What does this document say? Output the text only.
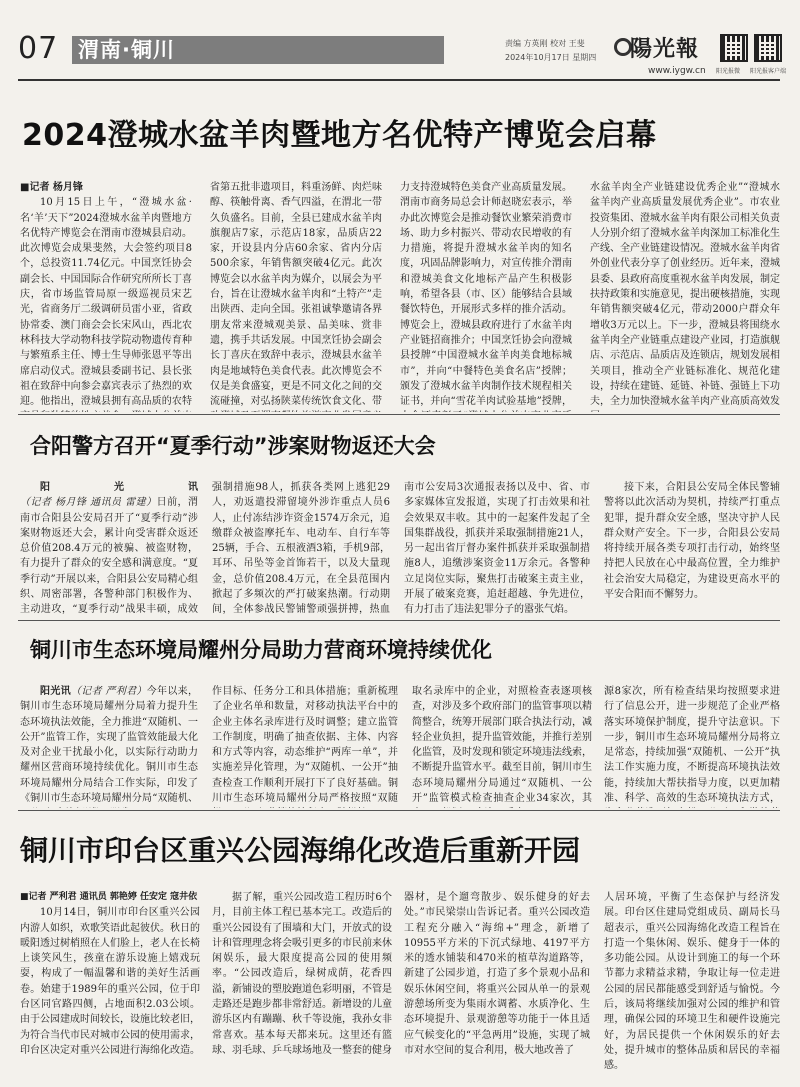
07 渭南·铜川	责编 方英刚 校对 王斐
2024年10月17日 星期四 陽光報
www.iygw.cn 阳光报微 阳光报客户端
2024澄城水盆羊肉暨地方名优特产博览会启幕

■记者 杨月锋

10月15日上午，“澄城水盆·名‘羊’天下”2024澄城水盆羊肉暨地方名优特产博览会在渭南市澄城县启动。此次博览会成果斐然，大会签约项目8个，总投资11.74亿元。中国烹饪协会副会长、中国国际合作研究所所长丁喜庆，省市场监管局原一级巡视员宋艺光，省商务厅二级调研员雷小亚，省政协常委、澳门商会会长宋风山，西北农林科技大学动物科技学院动物遗传育种与繁殖系主任、博士生导师张恩平等出席启动仪式。澄城县委副书记、县长张祖在致辞中向参会嘉宾表示了热烈的欢迎。他指出，澄城县拥有高品质的农特

省第五批非遗项目，料重汤鲜、肉烂味醇、筷触骨离、香气四溢，在渭北一带久负盛名。目前，全县已建成水盆羊肉旗舰店7家，示范店18家，品质店22家，开设县内分店60余家、省内分店500余家，年销售额突破4亿元。此次博览会以水盆羊肉为媒介，以展会为平台，旨在让澄城水盆羊肉和“土特产”走出陕西、走向全国。张祖诚挚邀请各界朋友常来澄城观美景、品美味、赏非遗，携手共话发展。中国烹饪协会副会长丁喜庆在致辞中表示，澄城县水盆羊肉是地域特色美食代表。此次博览会不仅是美食盛宴，更是不同文化之间的交流碰撞，对弘扬陕菜传统饮食文化、带

力支持澄城特色美食产业高质量发展。渭南市商务局总会计师赵晓宏表示，举办此次博览会是推动餐饮业繁荣消费市场、助力乡村振兴、带动农民增收的有力措施，将提升澄城水盆羊肉的知名度，巩固品牌影响力，对宣传推介渭南和澄城美食文化地标产品产生积极影响，希望各县（市、区）能够结合县域餐饮特色，开展形式多样的推介活动。博览会上，澄城县政府进行了水盆羊肉产业链招商推介；中国烹饪协会向澄城县授牌“中国澄城水盆羊肉美食地标城市”，并向“中餐特色美食名店”授牌；颁发了澄城水盆羊肉制作技术规程相关证书，并向“雪花羊肉试验基地”授牌，

水盆羊肉全产业链建设优秀企业”“澄城水盆羊肉产业高质量发展优秀企业”。市农业投资集团、澄城水盆羊肉有限公司相关负责人分别介绍了澄城水盆羊肉深加工标准化生产线、全产业链建设情况。澄城水盆羊肉省外创业代表分享了创业经历。近年来，澄城县委、县政府高度重视水盆羊肉发展，制定扶持政策和实施意见，提出硬核措施，实现年销售额突破4亿元，带动2000户群众年增收3万元以上。下一步，澄城县将围绕水盆羊肉全产业链重点建设产业园，打造旗舰店、示范店、品质店及连锁店，规划发展相关项目，推动全产业链标准化、规范化建设，持续在建链、延链、补链、强链上下功夫，全力加快澄城水盆羊肉产业高质高效发

合阳警方召开“夏季行动”涉案财物返还大会

阳光讯（记者 杨月锋 通讯员 雷建）日前，渭南市合阳县公安局召开了“夏季行动”涉案财物返还大会，累计向受害群众返还总价值208.4万元的被骗、被盗财物，有力提升了群众的安全感和满意度。“夏季行动”开展以来，合阳县公安局精心组织、周密部署，各警种部门积极作为、主动进攻，“夏季行动”战果丰硕，成效

强制措施98人，抓获各类网上逃犯29人，劝返遣投滞留境外涉诈重点人员6人，止付冻结涉诈资金1574万余元，追缴群众被盗摩托车、电动车、自行车等25辆，手合、五根液酒3箱，手机9部，耳环、吊坠等金首饰若干，以及大量现金，总价值208.4万元，在全县范围内掀起了多频次的严打破案热潮。行动期间，全体参战民警铺警顽强拼搏，热血

南市公安局3次通报表扬以及中、省、市多家媒体宣发报道，实现了打击效果和社会效果双丰收。其中的一起案件发起了全国集群战役，抓获并采取强制措施21人，另一起出省厅督办案件抓获并采取强制措施8人，追缴涉案资金11万余元。各警种立足岗位实际，聚焦打击破案主责主业，开展了破案竞赛，追赶超越、争先进位，有力打击了违法犯罪分子的嚣张气焰。

接下来，合阳县公安局全体民警辅警将以此次活动为契机，持续严打重点犯罪，提升群众安全感，坚决守护人民群众财产安全。下一步，合阳县公安局将持续开展各类专项打击行动，始终坚持把人民放在心中最高位置，全力维护社会治安大局稳定，为建设更高水平的平安合阳而不懈努力。

铜川市生态环境局耀州分局助力营商环境持续优化

阳光讯（记者 严利君）今年以来，铜川市生态环境局耀州分局着力提升生态环境执法效能，全力推进“双随机、一公开”监管工作，实现了监管效能最大化及对企业干扰最小化，以实际行动助力耀州区营商环境持续优化。铜川市生态环境局耀州分局结合工作实际，印发了《铜川市生态环境局耀州分局“双随机、

作目标、任务分工和具体措施；重新梳理了企业名单和数量，对移动执法平台中的企业主体名录库进行及时调整；建立监管工作制度，明确了抽查依据、主体、内容和方式等内容，动态维护“两库一单”，并实施差异化管理，为“双随机、一公开”抽查检查工作顺利开展打下了良好基础。铜川市生态环境局耀州分局严格按照“双随

取名录库中的企业，对照检查表逐项核查，对涉及多个政府部门的监管事项以精简整合，统筹开展部门联合执法行动，减轻企业负担，提升监管效能，并推行差别化监管，及时发现和锁定环境违法线索，不断提升监管水平。截至目前，铜川市生态环境局耀州分局通过“双随机、一公开”监管模式检查抽查企业34家次，其

源8家次，所有检查结果均按照要求进行了信息公开，进一步规范了企业严格落实环境保护制度，提升守法意识。下一步，铜川市生态环境局耀州分局将立足常态，持续加强“双随机、一公开”执法工作实施力度，不断提高环境执法效能，持续加大帮扶指导力度，以更加精准、科学、高效的生态环境执法方式，

铜川市印台区重兴公园海绵化改造后重新开园

■记者 严利君 通讯员 郭艳婷 任安定 寇井依

10月14日，铜川市印台区重兴公园内游人如织，欢歌笑语此起彼伏。秋日的暖阳透过树梢照在人们脸上，老人在长椅上谈笑风生，孩童在游乐设施上嬉戏玩耍，构成了一幅温馨和谐的美好生活画卷。始建于1989年的重兴公园，位于印台区同官路四侧，占地面积2.03公顷。由于公园建成时间较长，设施比较老旧，为符合当代市民对城市公园的使用需求，印台区决定对重兴公园进行海绵化改造。

据了解，重兴公园改造工程历时6个月，目前主体工程已基本完工。改造后的重兴公园设有了围墙和大门，开放式的设计和管理理念将会吸引更多的市民前来休闲娱乐，最大限度提高公园的使用频率。“公园改造后，绿树成荫，花香四溢，新铺设的塑胶跑道色彩明丽，不管是走路还是跑步都非常舒适。新增设的儿童游乐区内有蹦蹦、秋千等设施，我孙女非常喜欢。基本每天都来玩。这里还有篮球、羽毛球、乒乓球场地及一整套的健身

器材，是个遛弯散步、娱乐健身的好去处。”市民梁崇山告诉记者。重兴公园改造工程充分融入“海绵+”理念，新增了10955平方米的下沉式绿地、4197平方米的透水铺装和470米的植草沟道路等，新建了公园步道，打造了多个景观小品和娱乐休闲空间，将重兴公园从单一的景观游憩场所变为集雨水调蓄、水质净化、生态环境提升、景观游憩等功能于一体且适应气候变化的“平急两用”设施，实现了城市对水空间的复合利用，极大地改善了

人居环境，平衡了生态保护与经济发展。印台区住建局党组成员、副局长马超表示，重兴公园海绵化改造工程旨在打造一个集休闲、娱乐、健身于一体的多功能公园。从设计到施工的每一个环节都力求精益求精，争取让每一位走进公园的居民都能感受到舒适与愉悦。今后，该局将继续加强对公园的维护和管理，确保公园的环境卫生和硬件设施完好，为居民提供一个休闲娱乐的好去处，提升城市的整体品质和居民的幸福感。
